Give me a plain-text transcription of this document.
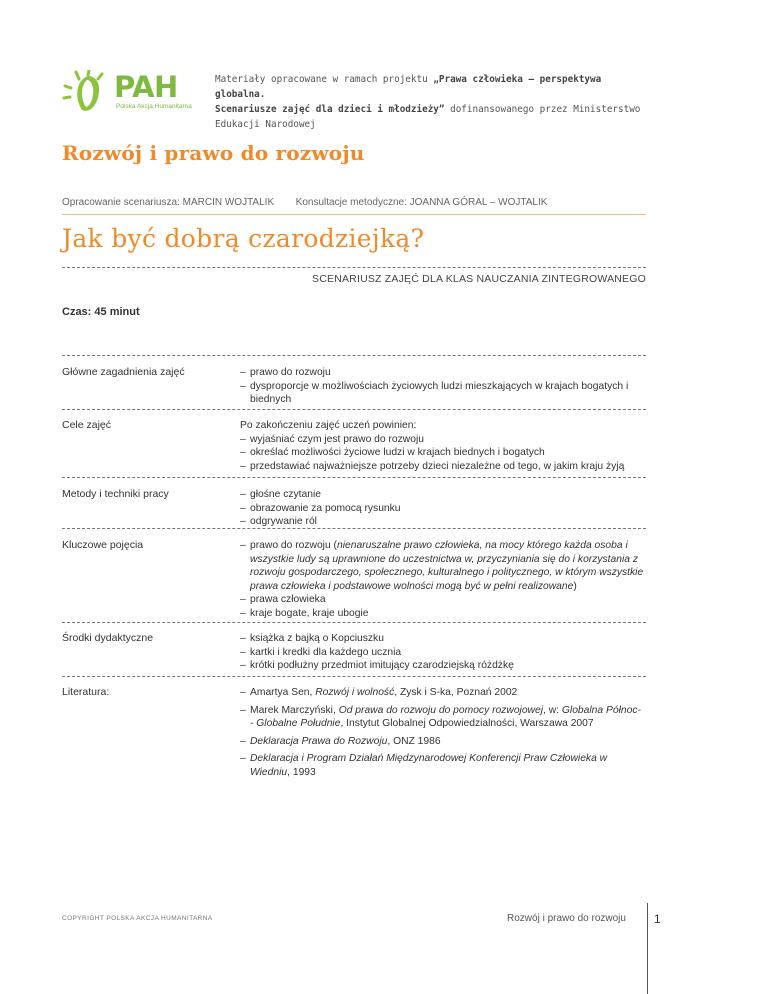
PAH
Polska Akcja Humanitarna
Materiały opracowane w ramach projektu „Prawa człowieka – perspektywa globalna.
Scenariusze zajęć dla dzieci i młodzieży” dofinansowanego przez Ministerstwo
Edukacji Narodowej
Rozwój i prawo do rozwoju
Opracowanie scenariusza: MARCIN WOJTALIK Konsultacje metodyczne: JOANNA GÓRAL – WOJTALIK
Jak być dobrą czarodziejką?
SCENARIUSZ ZAJĘĆ DLA KLAS NAUCZANIA ZINTEGROWANEGO
Czas: 45 minut
Główne zagadnienia zajęć	– prawo do rozwoju
– dysproporcje w możliwościach życiowych ludzi mieszkających w krajach bogatych i biednych
Cele zajęć	Po zakończeniu zajęć uczeń powinien:
– wyjaśniać czym jest prawo do rozwoju
– określać możliwości życiowe ludzi w krajach biednych i bogatych
– przedstawiać najważniejsze potrzeby dzieci niezależne od tego, w jakim kraju żyją
Metody i techniki pracy	– głośne czytanie
– obrazowanie za pomocą rysunku
– odgrywanie ról
Kluczowe pojęcia	– prawo do rozwoju (nienaruszalne prawo człowieka, na mocy którego każda osoba i wszystkie ludy są uprawnione do uczestnictwa w, przyczyniania się do i korzystania z rozwoju gospodarczego, społecznego, kulturalnego i politycznego, w którym wszystkie prawa człowieka i podstawowe wolności mogą być w pełni realizowane)
– prawa człowieka
– kraje bogate, kraje ubogie
Środki dydaktyczne	– książka z bajką o Kopciuszku
– kartki i kredki dla każdego ucznia
– krótki podłużny przedmiot imitujący czarodziejską różdżkę
Literatura:	– Amartya Sen, Rozwój i wolność, Zysk i S-ka, Poznań 2002
– Marek Marczyński, Od prawa do rozwoju do pomocy rozwojowej, w: Globalna Północ- - Globalne Południe, Instytut Globalnej Odpowiedzialności, Warszawa 2007
– Deklaracja Prawa do Rozwoju, ONZ 1986
– Deklaracja i Program Działań Międzynarodowej Konferencji Praw Człowieka w Wiedniu, 1993
COPYRIGHT POLSKA AKCJA HUMANITARNA	Rozwój i prawo do rozwoju 1
